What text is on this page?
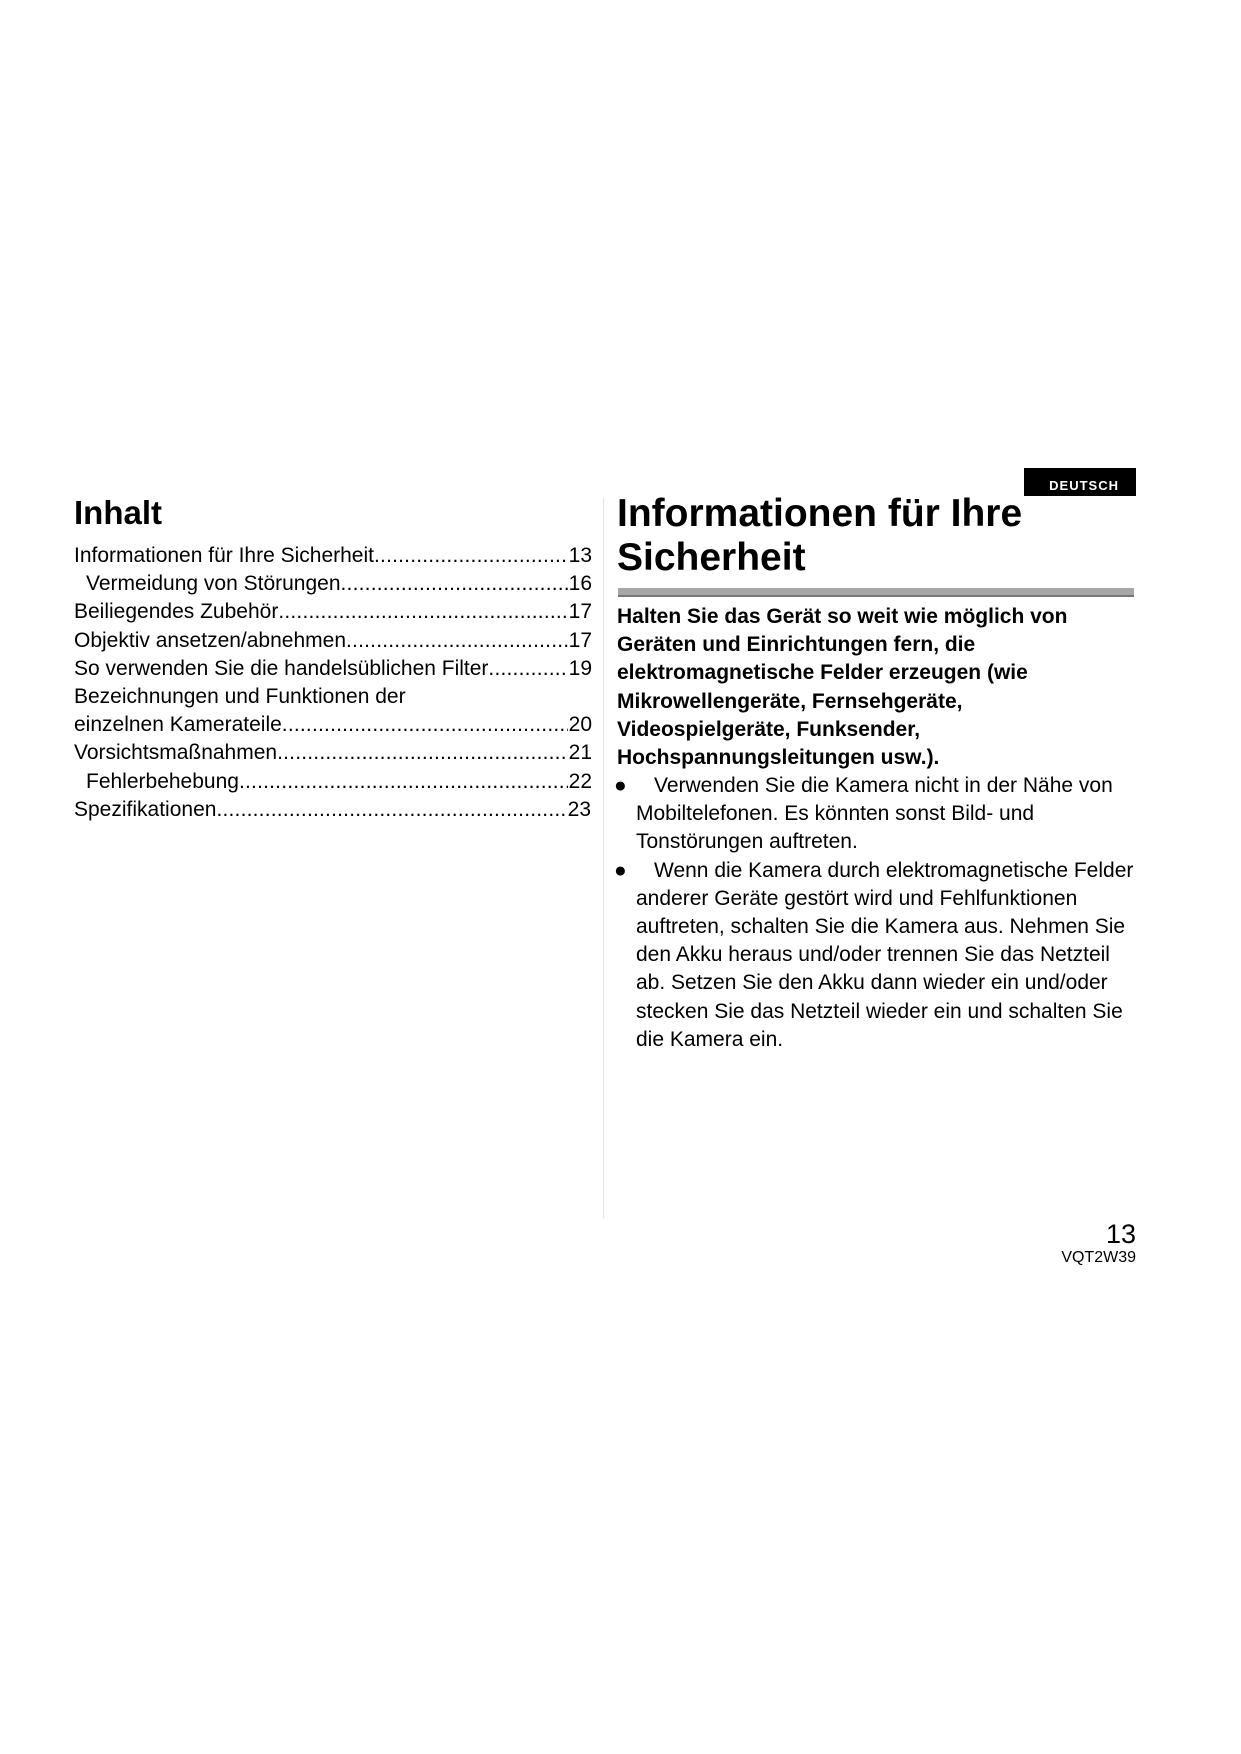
DEUTSCH
Inhalt
Informationen für Ihre Sicherheit .....	13
Vermeidung von Störungen .....	16
Beiliegendes Zubehör .....	17
Objektiv ansetzen/abnehmen .....	17
So verwenden Sie die handelsüblichen Filter .....	19
Bezeichnungen und Funktionen der
einzelnen Kamerateile .....	20
Vorsichtsmaßnahmen .....	21
Fehlerbehebung .....	22
Spezifikationen .....	23
Informationen für Ihre
Sicherheit

Halten Sie das Gerät so weit wie möglich von Geräten und Einrichtungen fern, die elektromagnetische Felder erzeugen (wie Mikrowellengeräte, Fernsehgeräte, Videospielgeräte, Funksender, Hochspannungsleitungen usw.).

●	Verwenden Sie die Kamera nicht in der Nähe von Mobiltelefonen. Es könnten sonst Bild- und Tonstörungen auftreten.
●	Wenn die Kamera durch elektromagnetische Felder anderer Geräte gestört wird und Fehlfunktionen auftreten, schalten Sie die Kamera aus. Nehmen Sie den Akku heraus und/oder trennen Sie das Netzteil ab. Setzen Sie den Akku dann wieder ein und/oder stecken Sie das Netzteil wieder ein und schalten Sie die Kamera ein.
13
VQT2W39
